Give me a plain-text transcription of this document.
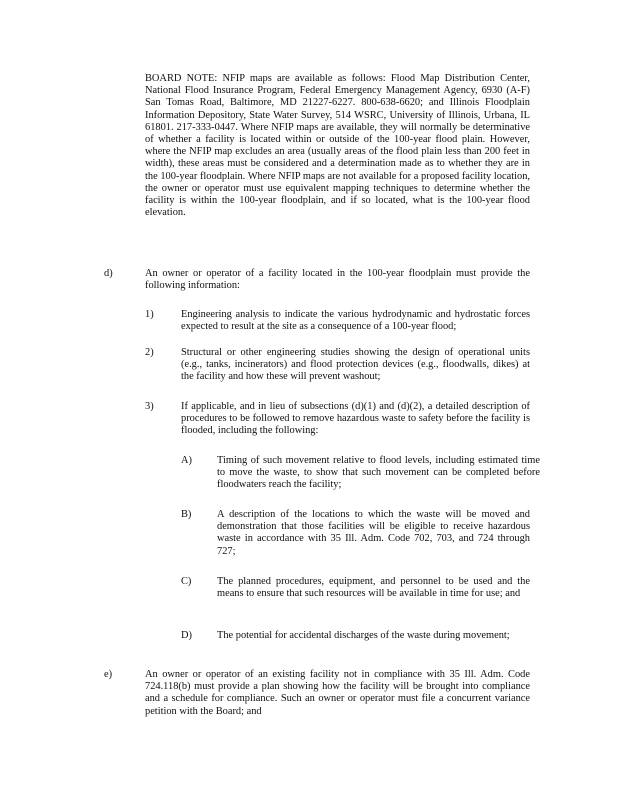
BOARD NOTE: NFIP maps are available as follows: Flood Map Distribution Center, National Flood Insurance Program, Federal Emergency Management Agency, 6930 (A-F) San Tomas Road, Baltimore, MD 21227-6227. 800-638-6620; and Illinois Floodplain Information Depository, State Water Survey, 514 WSRC, University of Illinois, Urbana, IL 61801. 217-333-0447. Where NFIP maps are available, they will normally be determinative of whether a facility is located within or outside of the 100-year flood plain. However, where the NFIP map excludes an area (usually areas of the flood plain less than 200 feet in width), these areas must be considered and a determination made as to whether they are in the 100-year floodplain. Where NFIP maps are not available for a proposed facility location, the owner or operator must use equivalent mapping techniques to determine whether the facility is within the 100-year floodplain, and if so located, what is the 100-year flood elevation.

d)	An owner or operator of a facility located in the 100-year floodplain must provide the following information:

1)	Engineering analysis to indicate the various hydrodynamic and hydrostatic forces expected to result at the site as a consequence of a 100-year flood;

2)	Structural or other engineering studies showing the design of operational units (e.g., tanks, incinerators) and flood protection devices (e.g., floodwalls, dikes) at the facility and how these will prevent washout;

3)	If applicable, and in lieu of subsections (d)(1) and (d)(2), a detailed description of procedures to be followed to remove hazardous waste to safety before the facility is flooded, including the following:

A) Timing of such movement relative to flood levels, including estimated time to move the waste, to show that such movement can be completed before floodwaters reach the facility;

B) A description of the locations to which the waste will be moved and demonstration that those facilities will be eligible to receive hazardous waste in accordance with 35 Ill. Adm. Code 702, 703, and 724 through 727;

C) The planned procedures, equipment, and personnel to be used and the means to ensure that such resources will be available in time for use; and

D) The potential for accidental discharges of the waste during movement;

e)	An owner or operator of an existing facility not in compliance with 35 Ill. Adm. Code 724.118(b) must provide a plan showing how the facility will be brought into compliance and a schedule for compliance. Such an owner or operator must file a concurrent variance petition with the Board; and
